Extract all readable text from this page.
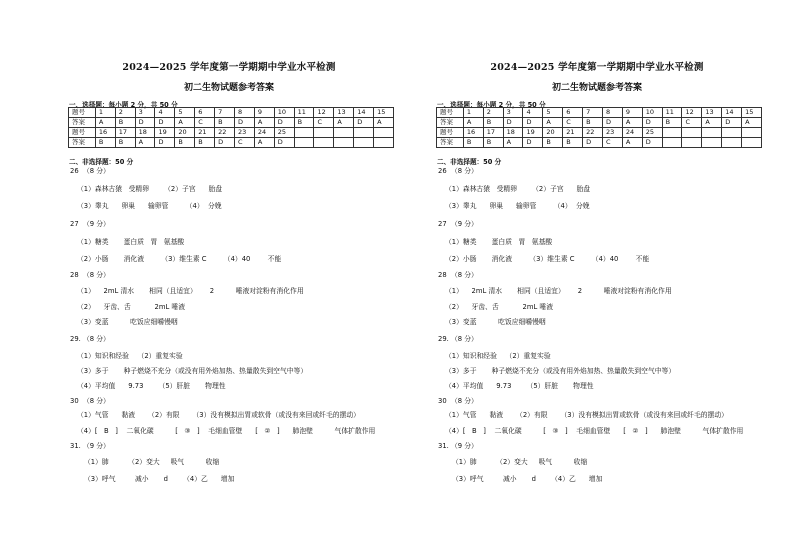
2024—2025 学年度第一学期期中学业水平检测
初二生物试题参考答案
一、选择题：每小题 2 分，共 50 分
题号	1	2	3	4	5	6	7	8	9	10	11	12	13	14	15
答案	A	B	D	D	A	C	B	D	A	D	B	C	A	D	A
题号	16	17	18	19	20	21	22	23	24	25					
答案	B	B	A	D	B	B	D	C	A	D					
二、非选择题：50 分
26  （8 分）
（1）森林古猿   受精卵       （2）子宫      胎盘
（3）睾丸      卵巢      输卵管        （4）  分娩
27  （9 分）
（1）糖类       蛋白质   胃   氨基酸
（2）小肠       消化液        （3）维生素 C        （4）40        不能
28  （8 分）
（1）    2mL 清水       相同（且适宜）      2          唾液对淀粉有消化作用
（2）    牙齿、舌           2mL 唾液
（3）变蓝          吃饭应细嚼慢咽
29. （8 分）
（1）知识和经验    （2）重复实验
（3）多于       种子燃烧不充分（或没有用外焰加热、热量散失到空气中等）
（4）平均值      9.73       （5）肝脏       物理性
30  （8 分）
（1）气管      黏液      （2）有限      （3）没有模拟出胃或软骨（或没有来回或纤毛的摆动）
（4）[   B   ]    二氧化碳          [   ③   ]    毛细血管壁      [   ②   ]      肺泡壁          气体扩散作用
31. （9 分）
（1）肺         （2）变大     吸气          收缩
（3）呼气         减小       d       （4）乙      增加
2024—2025 学年度第一学期期中学业水平检测
初二生物试题参考答案
一、选择题：每小题 2 分，共 50 分
题号	1	2	3	4	5	6	7	8	9	10	11	12	13	14	15
答案	A	B	D	D	A	C	B	D	A	D	B	C	A	D	A
题号	16	17	18	19	20	21	22	23	24	25					
答案	B	B	A	D	B	B	D	C	A	D					
二、非选择题：50 分
26  （8 分）
（1）森林古猿   受精卵       （2）子宫      胎盘
（3）睾丸      卵巢      输卵管        （4）  分娩
27  （9 分）
（1）糖类       蛋白质   胃   氨基酸
（2）小肠       消化液        （3）维生素 C        （4）40        不能
28  （8 分）
（1）    2mL 清水       相同（且适宜）      2          唾液对淀粉有消化作用
（2）    牙齿、舌           2mL 唾液
（3）变蓝          吃饭应细嚼慢咽
29. （8 分）
（1）知识和经验    （2）重复实验
（3）多于       种子燃烧不充分（或没有用外焰加热、热量散失到空气中等）
（4）平均值      9.73       （5）肝脏       物理性
30  （8 分）
（1）气管      黏液      （2）有限      （3）没有模拟出胃或软骨（或没有来回或纤毛的摆动）
（4）[   B   ]    二氧化碳          [   ③   ]    毛细血管壁      [   ②   ]      肺泡壁          气体扩散作用
31. （9 分）
（1）肺         （2）变大     吸气          收缩
（3）呼气         减小       d       （4）乙      增加
